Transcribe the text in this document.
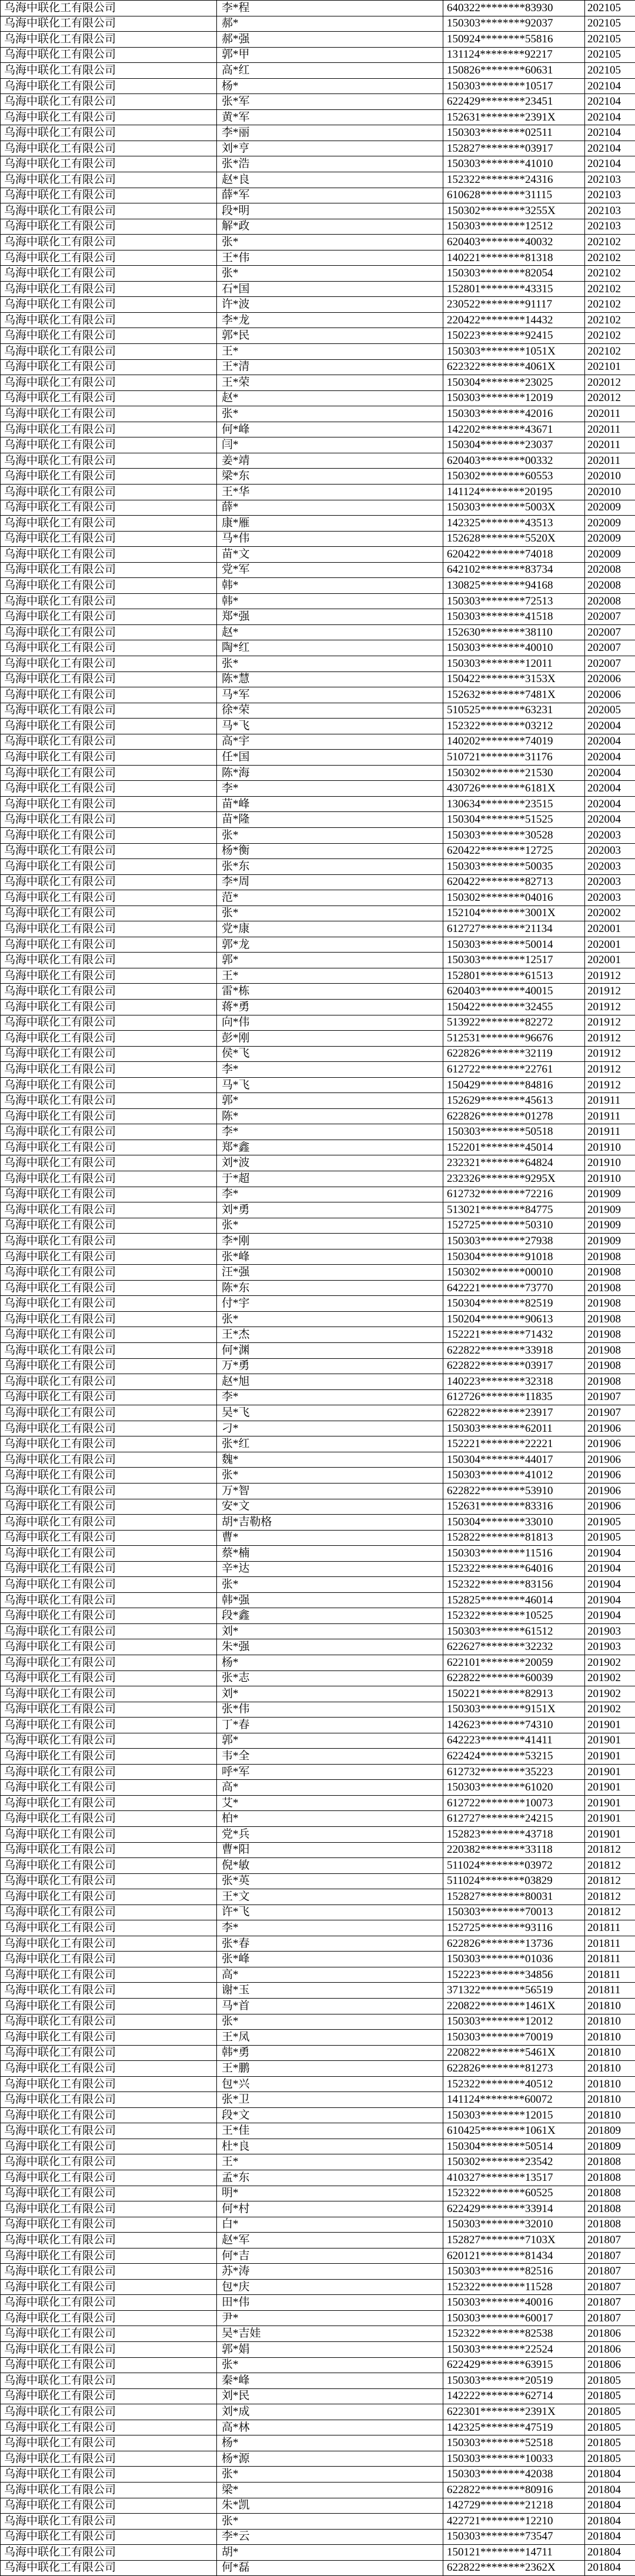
乌海中联化工有限公司	李*程	640322********83930	202105
乌海中联化工有限公司	郝*	150303********92037	202105
乌海中联化工有限公司	郝*强	150924********55816	202105
乌海中联化工有限公司	郭*甲	131124********92217	202105
乌海中联化工有限公司	高*红	150826********60631	202105
乌海中联化工有限公司	杨*	150303********10517	202104
乌海中联化工有限公司	张*军	622429********23451	202104
乌海中联化工有限公司	黄*军	152631********2391X	202104
乌海中联化工有限公司	李*丽	150303********02511	202104
乌海中联化工有限公司	刘*亨	152827********03917	202104
乌海中联化工有限公司	张*浩	150303********41010	202104
乌海中联化工有限公司	赵*良	152322********24316	202103
乌海中联化工有限公司	薛*军	610628********31115	202103
乌海中联化工有限公司	段*明	150302********3255X	202103
乌海中联化工有限公司	解*政	150303********12512	202103
乌海中联化工有限公司	张*	620403********40032	202102
乌海中联化工有限公司	王*伟	140221********81318	202102
乌海中联化工有限公司	张*	150303********82054	202102
乌海中联化工有限公司	石*国	152801********43315	202102
乌海中联化工有限公司	许*波	230522********91117	202102
乌海中联化工有限公司	李*龙	220422********14432	202102
乌海中联化工有限公司	郭*民	150223********92415	202102
乌海中联化工有限公司	王*	150303********1051X	202102
乌海中联化工有限公司	王*清	622322********4061X	202101
乌海中联化工有限公司	王*荣	150304********23025	202012
乌海中联化工有限公司	赵*	150303********12019	202012
乌海中联化工有限公司	张*	150303********42016	202011
乌海中联化工有限公司	何*峰	142202********43671	202011
乌海中联化工有限公司	闫*	150304********23037	202011
乌海中联化工有限公司	姜*靖	620403********00332	202011
乌海中联化工有限公司	梁*东	150302********60553	202010
乌海中联化工有限公司	王*华	141124********20195	202010
乌海中联化工有限公司	薛*	150303********5003X	202009
乌海中联化工有限公司	康*雁	142325********43513	202009
乌海中联化工有限公司	马*伟	152628********5520X	202009
乌海中联化工有限公司	苗*文	620422********74018	202009
乌海中联化工有限公司	党*军	642102********83734	202008
乌海中联化工有限公司	韩*	130825********94168	202008
乌海中联化工有限公司	韩*	150303********72513	202008
乌海中联化工有限公司	郑*强	150303********41518	202007
乌海中联化工有限公司	赵*	152630********38110	202007
乌海中联化工有限公司	陶*红	150303********40010	202007
乌海中联化工有限公司	张*	150303********12011	202007
乌海中联化工有限公司	陈*慧	150422********3153X	202006
乌海中联化工有限公司	马*军	152632********7481X	202006
乌海中联化工有限公司	徐*荣	510525********63231	202005
乌海中联化工有限公司	马*飞	152322********03212	202004
乌海中联化工有限公司	高*宇	140202********74019	202004
乌海中联化工有限公司	任*国	510721********31176	202004
乌海中联化工有限公司	陈*海	150302********21530	202004
乌海中联化工有限公司	李*	430726********6181X	202004
乌海中联化工有限公司	苗*峰	130634********23515	202004
乌海中联化工有限公司	苗*隆	150304********51525	202004
乌海中联化工有限公司	张*	150303********30528	202003
乌海中联化工有限公司	杨*衡	620422********12725	202003
乌海中联化工有限公司	张*东	150303********50035	202003
乌海中联化工有限公司	李*周	620422********82713	202003
乌海中联化工有限公司	范*	150302********04016	202003
乌海中联化工有限公司	张*	152104********3001X	202002
乌海中联化工有限公司	党*康	612727********21134	202001
乌海中联化工有限公司	郭*龙	150303********50014	202001
乌海中联化工有限公司	郭*	150303********12517	202001
乌海中联化工有限公司	王*	152801********61513	201912
乌海中联化工有限公司	雷*栋	620403********40015	201912
乌海中联化工有限公司	蒋*勇	150422********32455	201912
乌海中联化工有限公司	向*伟	513922********82272	201912
乌海中联化工有限公司	彭*刚	512531********96676	201912
乌海中联化工有限公司	侯*飞	622826********32119	201912
乌海中联化工有限公司	李*	612722********22761	201912
乌海中联化工有限公司	马*飞	150429********84816	201912
乌海中联化工有限公司	郭*	152629********45613	201911
乌海中联化工有限公司	陈*	622826********01278	201911
乌海中联化工有限公司	李*	150303********50518	201911
乌海中联化工有限公司	郑*鑫	152201********45014	201910
乌海中联化工有限公司	刘*波	232321********64824	201910
乌海中联化工有限公司	于*超	232326********9295X	201910
乌海中联化工有限公司	李*	612732********72216	201909
乌海中联化工有限公司	刘*勇	513021********84775	201909
乌海中联化工有限公司	张*	152725********50310	201909
乌海中联化工有限公司	李*刚	150303********27938	201909
乌海中联化工有限公司	张*峰	150304********91018	201908
乌海中联化工有限公司	汪*强	150302********00010	201908
乌海中联化工有限公司	陈*东	642221********73770	201908
乌海中联化工有限公司	付*宇	150304********82519	201908
乌海中联化工有限公司	张*	150204********90613	201908
乌海中联化工有限公司	王*杰	152221********71432	201908
乌海中联化工有限公司	何*渊	622822********33918	201908
乌海中联化工有限公司	万*勇	622822********03917	201908
乌海中联化工有限公司	赵*旭	140223********32318	201908
乌海中联化工有限公司	李*	612726********11835	201907
乌海中联化工有限公司	吴*飞	622822********23917	201907
乌海中联化工有限公司	刁*	150303********62011	201906
乌海中联化工有限公司	张*红	152221********22221	201906
乌海中联化工有限公司	魏*	150304********44017	201906
乌海中联化工有限公司	张*	150303********41012	201906
乌海中联化工有限公司	万*智	622822********53910	201906
乌海中联化工有限公司	安*文	152631********83316	201906
乌海中联化工有限公司	胡*吉勒格	150304********33010	201905
乌海中联化工有限公司	曹*	152822********81813	201905
乌海中联化工有限公司	蔡*楠	150303********11516	201904
乌海中联化工有限公司	辛*达	152322********64016	201904
乌海中联化工有限公司	张*	152322********83156	201904
乌海中联化工有限公司	韩*强	152825********46014	201904
乌海中联化工有限公司	段*鑫	152322********10525	201904
乌海中联化工有限公司	刘*	150303********61512	201903
乌海中联化工有限公司	朱*强	622627********32232	201903
乌海中联化工有限公司	杨*	622101********20059	201902
乌海中联化工有限公司	张*志	622822********60039	201902
乌海中联化工有限公司	刘*	150221********82913	201902
乌海中联化工有限公司	张*伟	150303********9151X	201902
乌海中联化工有限公司	丁*春	142623********74310	201901
乌海中联化工有限公司	郭*	642223********41411	201901
乌海中联化工有限公司	韦*全	622424********53215	201901
乌海中联化工有限公司	呼*军	612732********35223	201901
乌海中联化工有限公司	高*	150303********61020	201901
乌海中联化工有限公司	艾*	612722********10073	201901
乌海中联化工有限公司	柏*	612727********24215	201901
乌海中联化工有限公司	党*兵	152823********43718	201901
乌海中联化工有限公司	曹*阳	220382********33118	201812
乌海中联化工有限公司	倪*敏	511024********03972	201812
乌海中联化工有限公司	张*英	511024********03829	201812
乌海中联化工有限公司	王*文	152827********80031	201812
乌海中联化工有限公司	许*飞	150303********70013	201812
乌海中联化工有限公司	李*	152725********93116	201811
乌海中联化工有限公司	张*春	622826********13736	201811
乌海中联化工有限公司	张*峰	150303********01036	201811
乌海中联化工有限公司	高*	152223********34856	201811
乌海中联化工有限公司	谢*玉	371322********56519	201811
乌海中联化工有限公司	马*首	220822********1461X	201810
乌海中联化工有限公司	张*	150303********12012	201810
乌海中联化工有限公司	王*凤	150303********70019	201810
乌海中联化工有限公司	韩*勇	220822********5461X	201810
乌海中联化工有限公司	王*鹏	622826********81273	201810
乌海中联化工有限公司	包*兴	152322********40512	201810
乌海中联化工有限公司	张*卫	141124********60072	201810
乌海中联化工有限公司	段*文	150303********12015	201810
乌海中联化工有限公司	王*佳	610425********1061X	201809
乌海中联化工有限公司	杜*良	150304********50514	201809
乌海中联化工有限公司	王*	150302********23542	201808
乌海中联化工有限公司	孟*东	410327********13517	201808
乌海中联化工有限公司	明*	152322********60525	201808
乌海中联化工有限公司	何*村	622429********33914	201808
乌海中联化工有限公司	白*	150303********32010	201808
乌海中联化工有限公司	赵*军	152827********7103X	201807
乌海中联化工有限公司	何*吉	620121********81434	201807
乌海中联化工有限公司	苏*涛	150303********82516	201807
乌海中联化工有限公司	包*庆	152322********11528	201807
乌海中联化工有限公司	田*伟	150303********40016	201807
乌海中联化工有限公司	尹*	150303********60017	201807
乌海中联化工有限公司	吴*吉娃	152322********82538	201806
乌海中联化工有限公司	郭*娟	150303********22524	201806
乌海中联化工有限公司	张*	622429********63915	201806
乌海中联化工有限公司	秦*峰	150303********20519	201805
乌海中联化工有限公司	刘*民	142222********62714	201805
乌海中联化工有限公司	刘*成	622301********2391X	201805
乌海中联化工有限公司	高*林	142325********47519	201805
乌海中联化工有限公司	杨*	150303********52518	201805
乌海中联化工有限公司	杨*源	150303********10033	201805
乌海中联化工有限公司	张*	150303********42038	201804
乌海中联化工有限公司	梁*	622822********80916	201804
乌海中联化工有限公司	朱*凯	142729********21218	201804
乌海中联化工有限公司	张*	422721********12210	201804
乌海中联化工有限公司	李*云	150303********73547	201804
乌海中联化工有限公司	胡*	150121********14711	201804
乌海中联化工有限公司	何*磊	622822********2362X	201804
